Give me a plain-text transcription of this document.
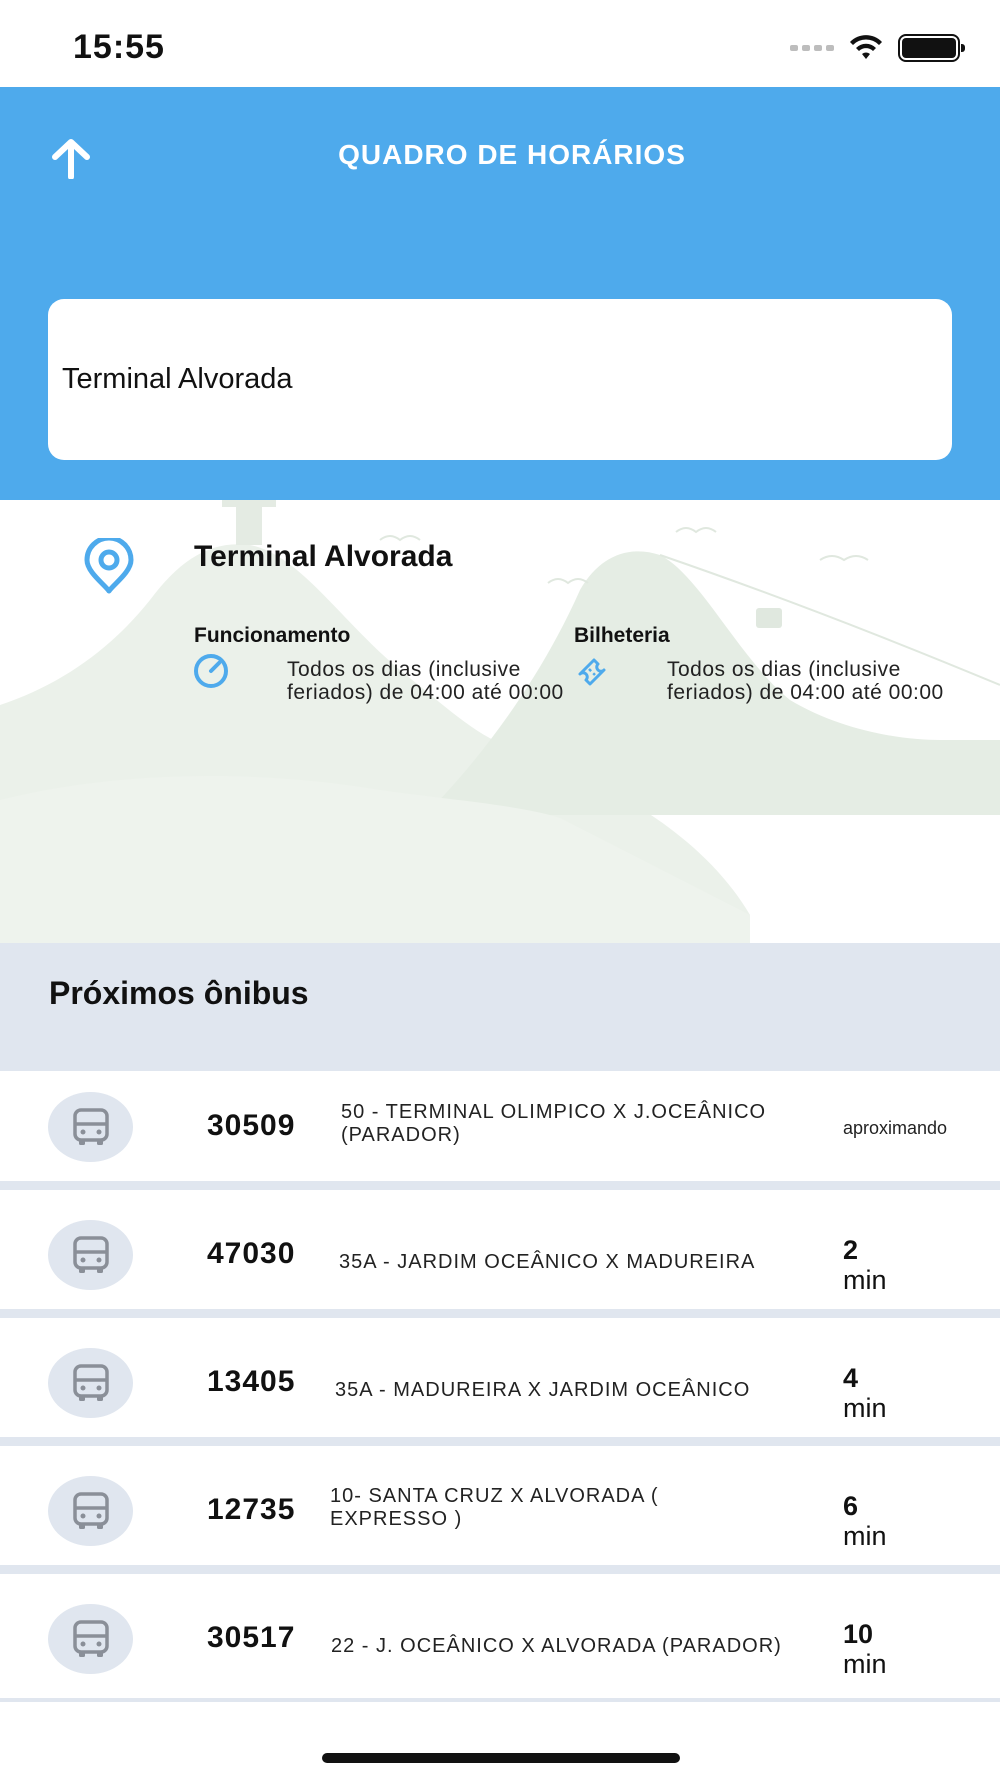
15:55
QUADRO DE HORÁRIOS
Terminal Alvorada
Terminal Alvorada
Funcionamento
Todos os dias (inclusive feriados) de 04:00 até 00:00
Bilheteria
Todos os dias (inclusive feriados) de 04:00 até 00:00
Próximos ônibus
30509 50 - TERMINAL OLIMPICO X J.OCEÂNICO (PARADOR)	aproximando
47030 35A - JARDIM OCEÂNICO X MADUREIRA	2
min
13405 35A - MADUREIRA X JARDIM OCEÂNICO	4
min
12735 10- SANTA CRUZ X ALVORADA ( EXPRESSO )	6
min
30517 22 - J. OCEÂNICO X ALVORADA (PARADOR)	10
min
